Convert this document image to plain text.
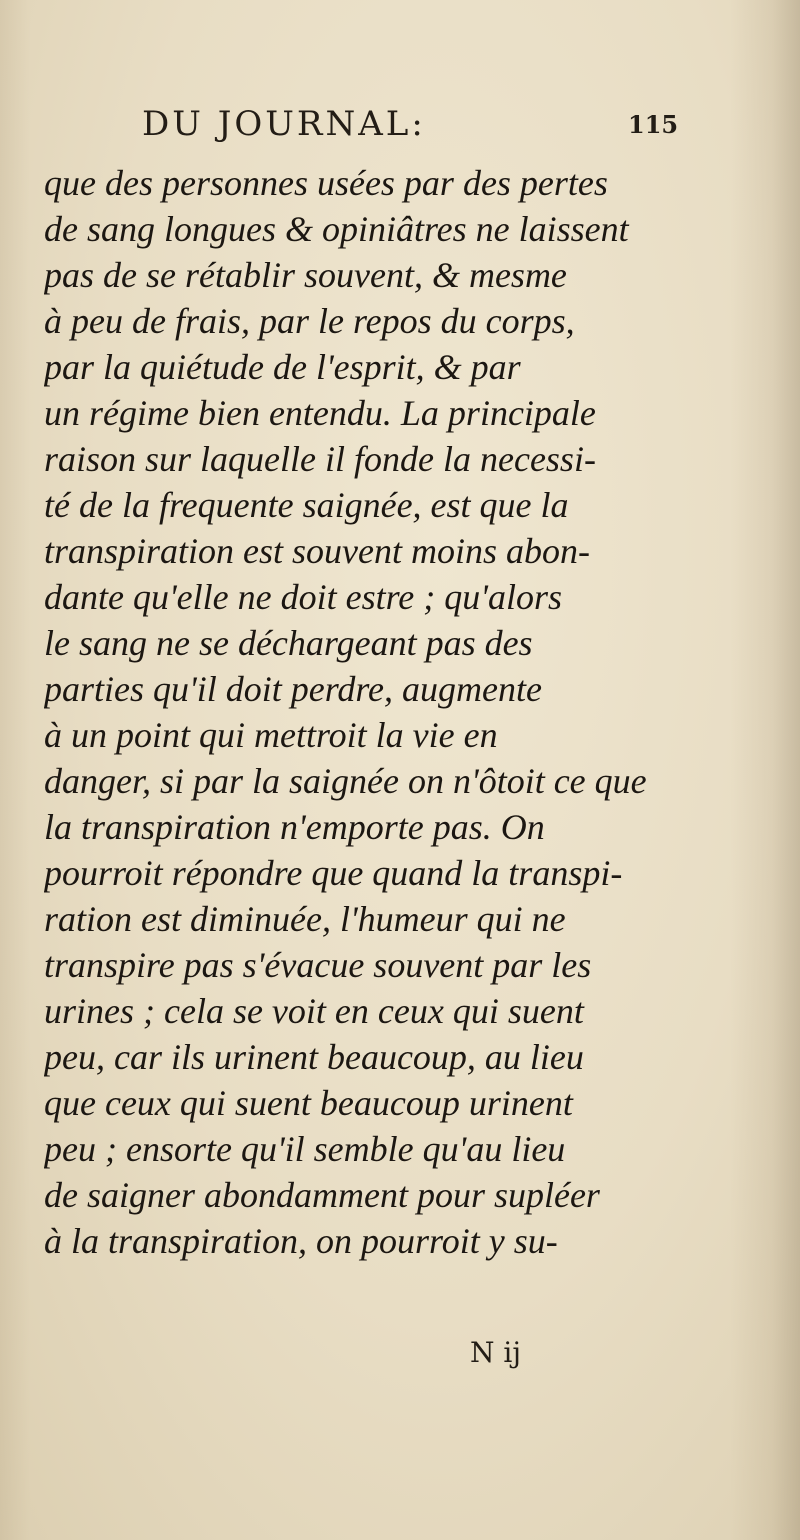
DU JOURNAL:	115
que des personnes usées par des pertes
de sang longues & opiniâtres ne laissent
pas de se rétablir souvent, & mesme
à peu de frais, par le repos du corps,
par la quiétude de l'esprit, & par
un régime bien entendu. La principale
raison sur laquelle il fonde la necessi-
té de la frequente saignée, est que la
transpiration est souvent moins abon-
dante qu'elle ne doit estre ; qu'alors
le sang ne se déchargeant pas des
parties qu'il doit perdre, augmente
à un point qui mettroit la vie en
danger, si par la saignée on n'ôtoit ce que
la transpiration n'emporte pas. On
pourroit répondre que quand la transpi-
ration est diminuée, l'humeur qui ne
transpire pas s'évacue souvent par les
urines ; cela se voit en ceux qui suent
peu, car ils urinent beaucoup, au lieu
que ceux qui suent beaucoup urinent
peu ; ensorte qu'il semble qu'au lieu
de saigner abondamment pour supléer
à la transpiration, on pourroit y su-
N ij
